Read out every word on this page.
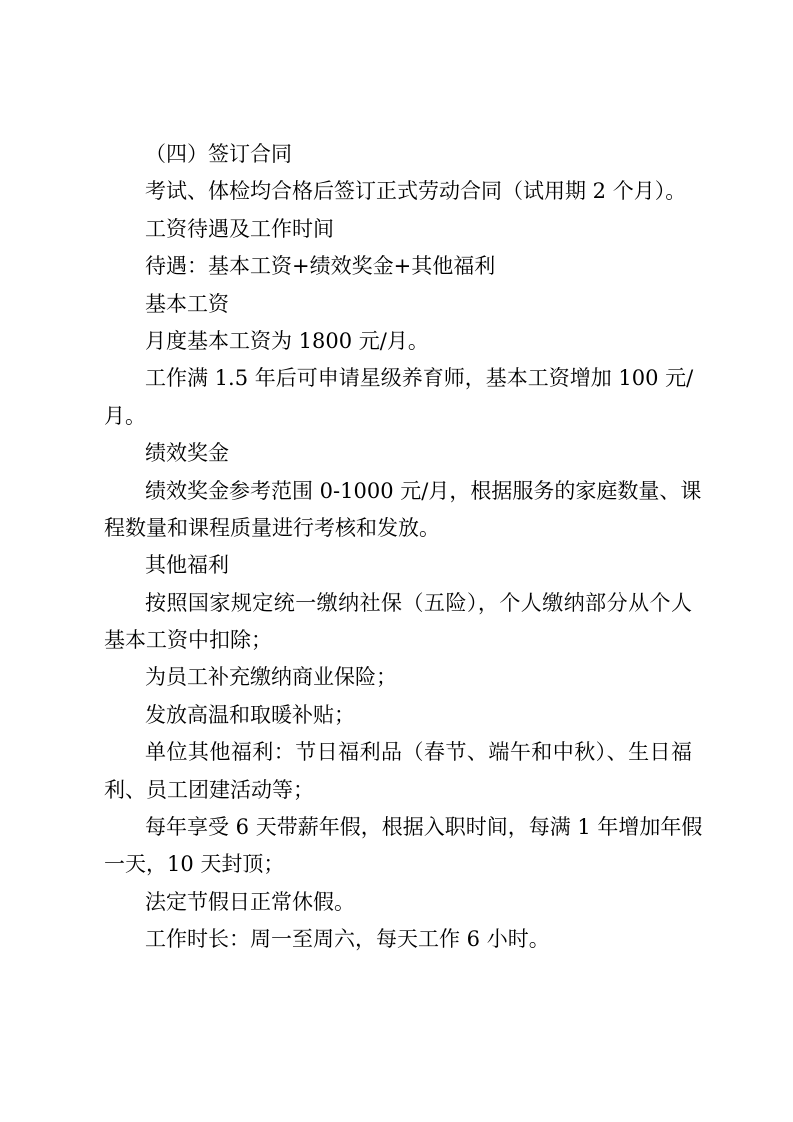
（四）签订合同
考试、体检均合格后签订正式劳动合同（试用期 2 个月）。
工资待遇及工作时间
待遇：基本工资+绩效奖金+其他福利
基本工资
月度基本工资为 1800 元/月。
工作满 1.5 年后可申请星级养育师，基本工资增加 100 元/
月。
绩效奖金
绩效奖金参考范围 0-1000 元/月，根据服务的家庭数量、课
程数量和课程质量进行考核和发放。
其他福利
按照国家规定统一缴纳社保（五险），个人缴纳部分从个人
基本工资中扣除；
为员工补充缴纳商业保险；
发放高温和取暖补贴；
单位其他福利：节日福利品（春节、端午和中秋）、生日福
利、员工团建活动等；
每年享受 6 天带薪年假，根据入职时间，每满 1 年增加年假
一天，10 天封顶；
法定节假日正常休假。
工作时长：周一至周六，每天工作 6 小时。
